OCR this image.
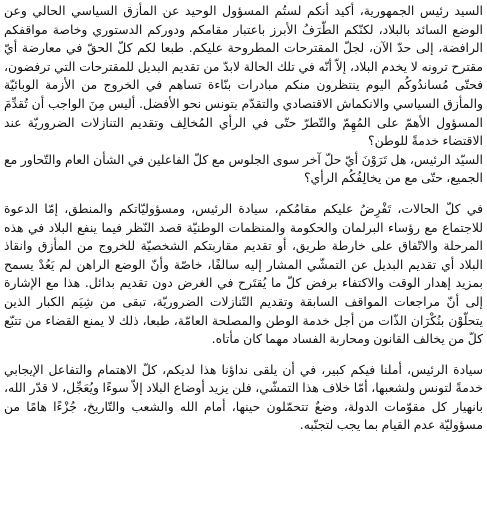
السيد رئيس الجمهورية، أكيد أنكم لستُم المسؤول الوحيد عن المأزق السياسي الحالي وعن الوضع السائد بالبلاد، لكنّكم الطّرَفُ الأبرز باعتبار مقامكم ودوركم الدستوري وخاصة مواقفكم الرافضة، إلى حدّ الآن، لجلّ المقترحات المطروحة عليكم. طبعا لكم كلّ الحقّ في معارضة أيّ مقترح ترونه لا يخدم البلاد، إلاّ أنّه في تلك الحالة لابدّ من تقديم البديل للمقترحات التي ترفضون، فحتّى مُساندُوكُم اليوم ينتظرون منكم مبادرات بنّاءة تساهم في الخروج من الأزمة الوبائيّة والمأزق السياسي والانكماش الاقتصادي والتقدّم بتونس نحو الأفضل. أليس مِنَ الواجب أن تُقدِّمَ المسؤول الأهمّ على المُهِمّ والتّطرّ حتّى في الرأي المُخالِف وتقديم التنازلات الضروريّة عند الاقتضاء خدمةً للوطن؟

السيّد الرئيس، هل تَرَوْنَ أيّ حلّ آخر سوى الجلوس مع كلّ الفاعلين في الشأن العام والتّحاور مع الجميع، حتّى مع من يخالِفُكُم الرأي؟

في كلّ الحالات، تَفْرِضُ عليكم مقامُكم، سيادة الرئيس، ومسؤوليّاتكم والمنطق، إمّا الدعوة للاجتماع مع رؤساء البرلمان والحكومة والمنظمات الوطنيّة قصد النّظر فيما ينفع البلاد في هذه المرحلة والاتّفاق على خارطة طريق، أو تقديم مقاربتكم الشخصيّة للخروج من المأزق وانقاذ البلاد أي تقديم البديل عن التمشّي المشار إليه سالفًا، خاصّة وأنّ الوضع الراهن لم يَعُدْ يسمح بمزيد إهدار الوقت والاكتفاء برفض كلّ ما يُقتَرح في الغرض دون تقديم بدائل. هذا مع الإشارة إلى أنّ مراجعات المواقف السابقة وتقديم التّنازلات الضروريّة، تبقى من شِيَم الكبار الذين يتحلّوْن بنُكْرَان الذّات من أجل خدمة الوطن والمصلحة العامّة، طبعا، ذلك لا يمنع القضاء من تتبّع كلّ من يخالف القانون ومحاربة الفساد مهما كان مأتاه.

سيادة الرئيس، أملنا فيكم كبير، في أن يلقى نداؤنا هذا لديكم، كلّ الاهتمام والتفاعل الإيجابي خدمةً لتونس ولشعبها، أمّا خلاف هذا التمشّي، فلن يزيد أوضاع البلاد إلاّ سوءًا ويُعَجِّل، لا قدّر الله، بانهيار كل مقوّمات الدولة، وضعٌ تتحمّلون حينها، أمام الله والشعب والتّاريخ، جُزْءًا هامًا من مسؤوليّة عدم القيام بما يجب لتجنّبه.
